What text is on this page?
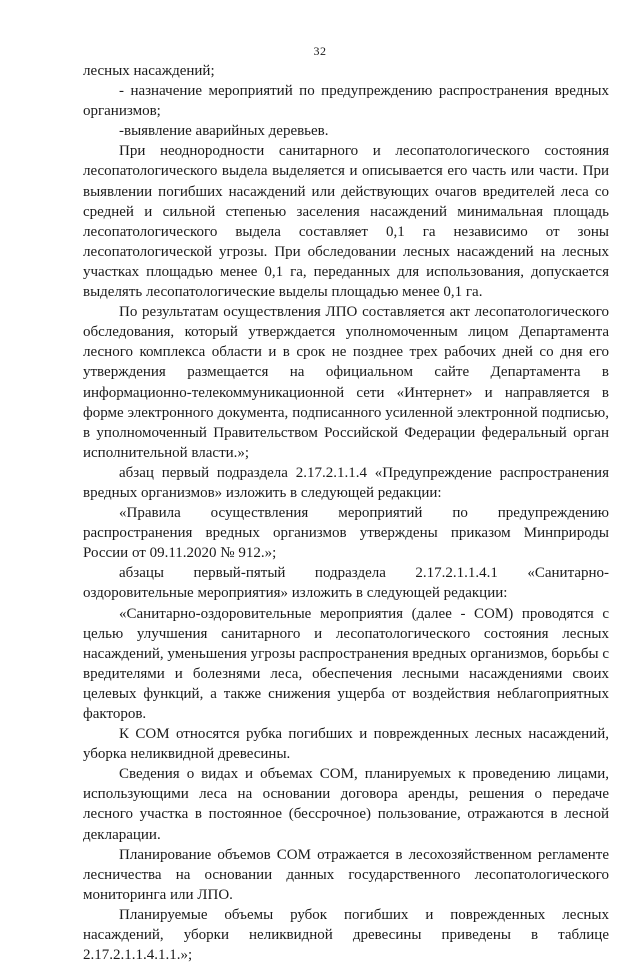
32

лесных насаждений;

- назначение мероприятий по предупреждению распространения вредных организмов;

-выявление аварийных деревьев.

При неоднородности санитарного и лесопатологического состояния лесопатологического выдела выделяется и описывается его часть или части. При выявлении погибших насаждений или действующих очагов вредителей леса со средней и сильной степенью заселения насаждений минимальная площадь лесопатологического выдела составляет 0,1 га независимо от зоны лесопатологической угрозы. При обследовании лесных насаждений на лесных участках площадью менее 0,1 га, переданных для использования, допускается выделять лесопатологические выделы площадью менее 0,1 га.

По результатам осуществления ЛПО составляется акт лесопатологического обследования, который утверждается уполномоченным лицом Департамента лесного комплекса области и в срок не позднее трех рабочих дней со дня его утверждения размещается на официальном сайте Департамента в информационно-телекоммуникационной сети «Интернет» и направляется в форме электронного документа, подписанного усиленной электронной подписью, в уполномоченный Правительством Российской Федерации федеральный орган исполнительной власти.»;

абзац первый подраздела 2.17.2.1.1.4 «Предупреждение распространения вредных организмов» изложить в следующей редакции:

«Правила осуществления мероприятий по предупреждению распространения вредных организмов утверждены приказом Минприроды России от 09.11.2020 № 912.»;

абзацы первый-пятый подраздела 2.17.2.1.1.4.1 «Санитарно-оздоровительные мероприятия» изложить в следующей редакции:

«Санитарно-оздоровительные мероприятия (далее - СОМ) проводятся с целью улучшения санитарного и лесопатологического состояния лесных насаждений, уменьшения угрозы распространения вредных организмов, борьбы с вредителями и болезнями леса, обеспечения лесными насаждениями своих целевых функций, а также снижения ущерба от воздействия неблагоприятных факторов.

К СОМ относятся рубка погибших и поврежденных лесных насаждений, уборка неликвидной древесины.

Сведения о видах и объемах СОМ, планируемых к проведению лицами, использующими леса на основании договора аренды, решения о передаче лесного участка в постоянное (бессрочное) пользование, отражаются в лесной декларации.

Планирование объемов СОМ отражается в лесохозяйственном регламенте лесничества на основании данных государственного лесопатологического мониторинга или ЛПО.

Планируемые объемы рубок погибших и поврежденных лесных насаждений, уборки неликвидной древесины приведены в таблице 2.17.2.1.1.4.1.1.»;
